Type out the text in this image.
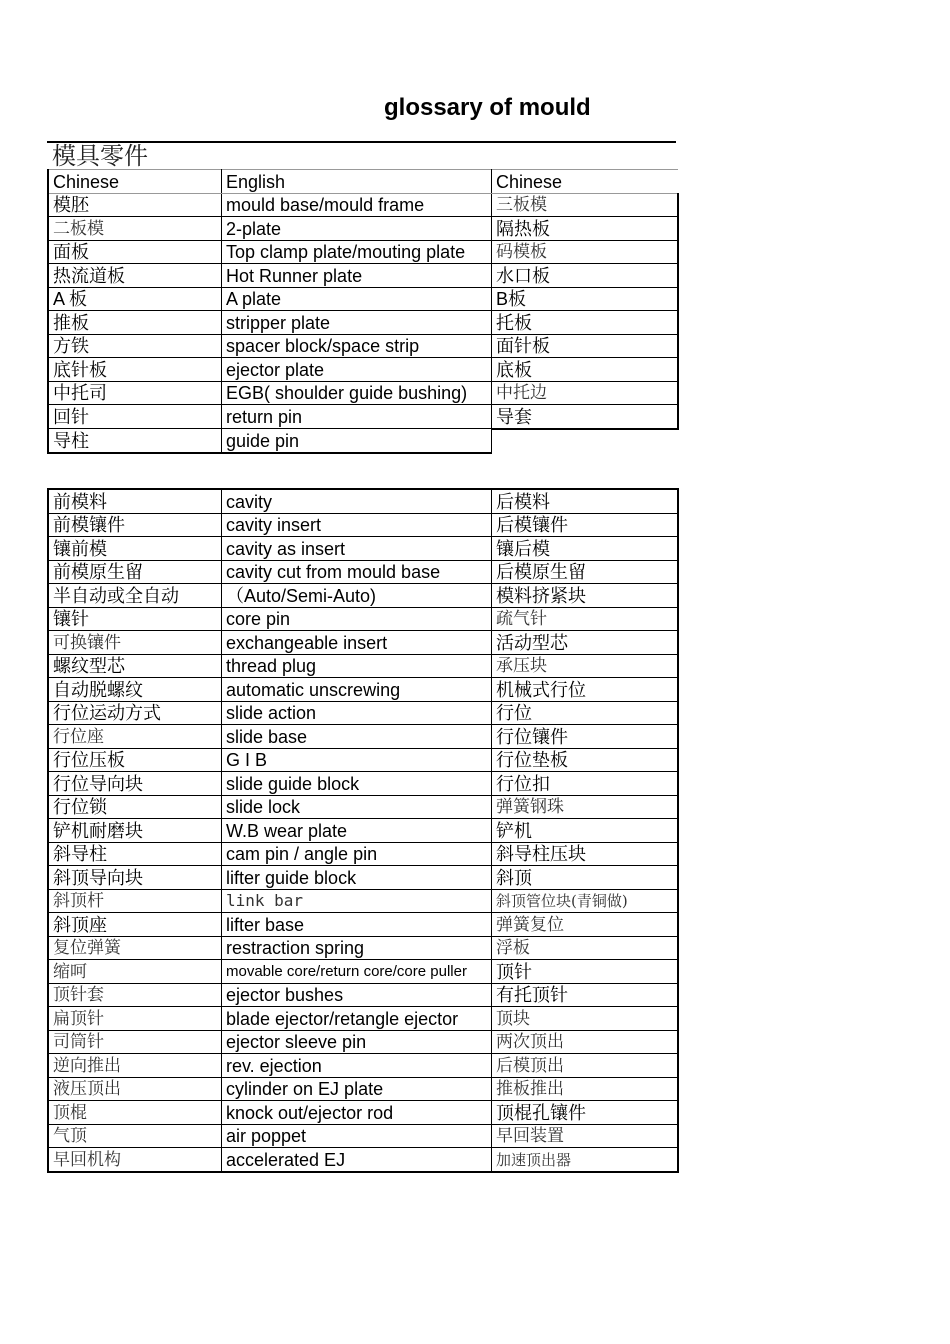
glossary of mould
模具零件
Chinese	English	Chinese
模胚	mould base/mould frame	三板模
二板模	2-plate	隔热板
面板	Top clamp plate/mouting plate	码模板
热流道板	Hot Runner plate	水口板
A 板	A plate	B板
推板	stripper plate	托板
方铁	spacer block/space strip	面针板
底针板	ejector plate	底板
中托司	EGB( shoulder guide bushing)	中托边
回针	return pin	导套
导柱	guide pin	
前模料	cavity	后模料
前模镶件	cavity insert	后模镶件
镶前模	cavity as insert	镶后模
前模原生留	cavity cut from mould base	后模原生留
半自动或全自动	（Auto/Semi-Auto)	模料挤紧块
镶针	core pin	疏气针
可换镶件	exchangeable insert	活动型芯
螺纹型芯	thread plug	承压块
自动脱螺纹	automatic unscrewing	机械式行位
行位运动方式	slide action	行位
行位座	slide base	行位镶件
行位压板	G I B	行位垫板
行位导向块	slide guide block	行位扣
行位锁	slide lock	弹簧钢珠
铲机耐磨块	W.B wear plate	铲机
斜导柱	cam pin / angle pin	斜导柱压块
斜顶导向块	lifter guide block	斜顶
斜顶杆	link bar	斜顶管位块(青铜做)
斜顶座	lifter base	弹簧复位
复位弹簧	restraction spring	浮板
缩呵	movable core/return core/core puller	顶针
顶针套	ejector bushes	有托顶针
扁顶针	blade ejector/retangle ejector	顶块
司筒针	ejector sleeve pin	两次顶出
逆向推出	rev. ejection	后模顶出
液压顶出	cylinder on EJ plate	推板推出
顶棍	knock out/ejector rod	顶棍孔镶件
气顶	air poppet	早回装置
早回机构	accelerated EJ	加速顶出器
